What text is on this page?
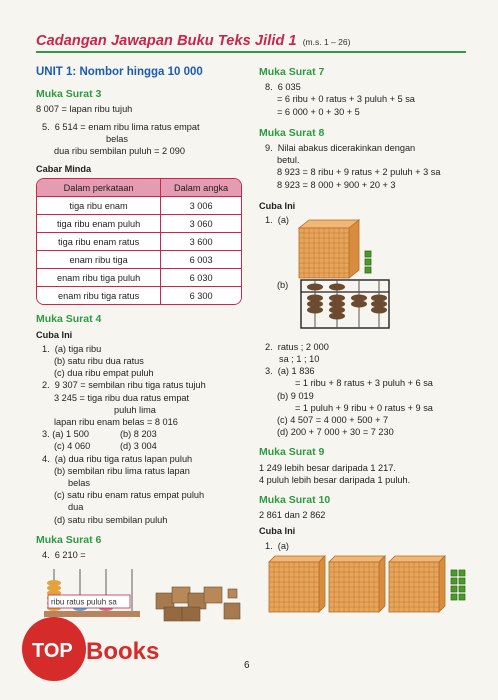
Cadangan Jawapan Buku Teks Jilid 1 (m.s. 1 – 26)
UNIT 1: Nombor hingga 10 000
Muka Surat 3
8 007 = lapan ribu tujuh
5.  6 514 = enam ribu lima ratus empat
belas
dua ribu sembilan puluh = 2 090
Cabar Minda
Dalam perkataan	Dalam angka
tiga ribu enam	3 006
tiga ribu enam puluh	3 060
tiga ribu enam ratus	3 600
enam ribu tiga	6 003
enam ribu tiga puluh	6 030
enam ribu tiga ratus	6 300
Muka Surat 4
Cuba Ini
1.  (a) tiga ribu
(b) satu ribu dua ratus
(c) dua ribu empat puluh
2.  9 307 = sembilan ribu tiga ratus tujuh
3 245 = tiga ribu dua ratus empat
puluh lima
lapan ribu enam belas = 8 016
3. (a) 1 500	(b) 8 203
(c) 4 060	(d) 3 004
4.  (a) dua ribu tiga ratus lapan puluh
(b) sembilan ribu lima ratus lapan
belas
(c) satu ribu enam ratus empat puluh
dua
(d) satu ribu sembilan puluh
Muka Surat 6
4.  6 210 =
ribu ratus puluh sa
Muka Surat 7
8.  6 035
= 6 ribu + 0 ratus + 3 puluh + 5 sa
= 6 000 + 0 + 30 + 5
Muka Surat 8
9.  Nilai abakus dicerakinkan dengan
betul.
8 923 = 8 ribu + 9 ratus + 2 puluh + 3 sa
8 923 = 8 000 + 900 + 20 + 3
Cuba Ini
1.  (a)
(b)
2.  ratus ; 2 000
sa ; 1 ; 10
3.  (a) 1 836
= 1 ribu + 8 ratus + 3 puluh + 6 sa
(b) 9 019
= 1 puluh + 9 ribu + 0 ratus + 9 sa
(c) 4 507 = 4 000 + 500 + 7
(d) 200 + 7 000 + 30 = 7 230
Muka Surat 9
1 249 lebih besar daripada 1 217.
4 puluh lebih besar daripada 1 puluh.
Muka Surat 10
2 861 dan 2 862
Cuba Ini
1.  (a)
6
TOP Books
